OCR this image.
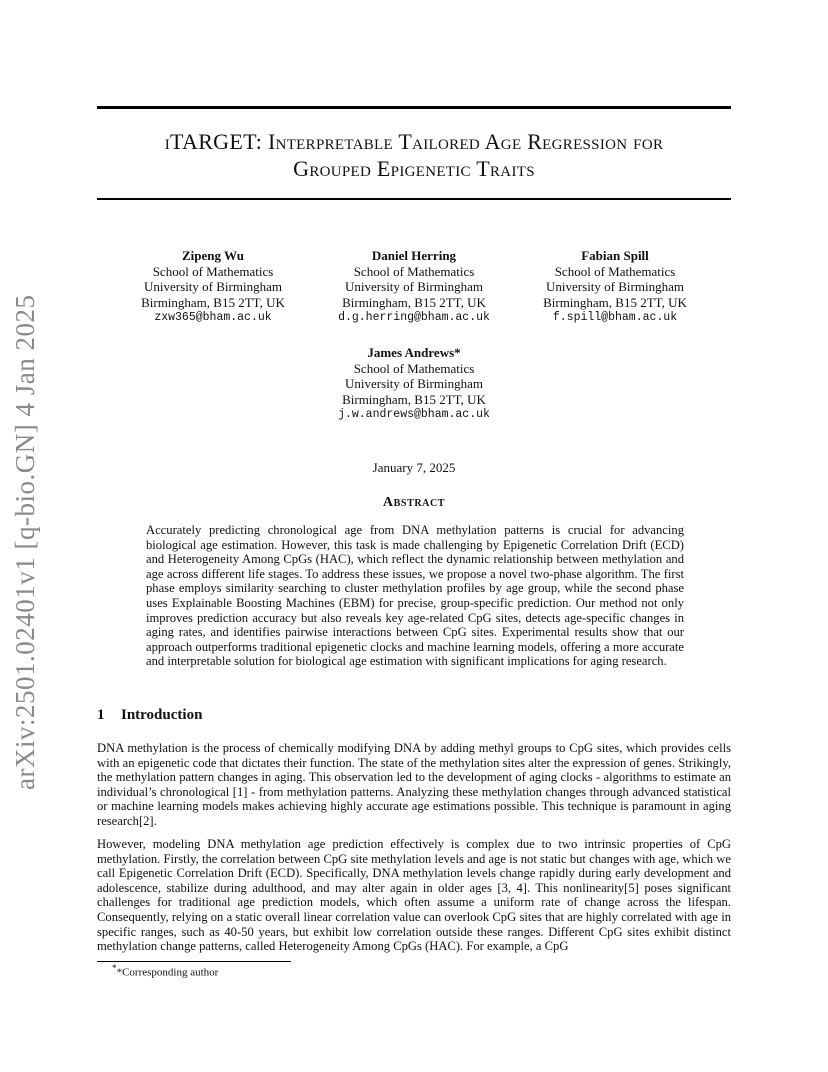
arXiv:2501.02401v1 [q-bio.GN] 4 Jan 2025
iTARGET: Interpretable Tailored Age Regression for
Grouped Epigenetic Traits
Zipeng Wu
School of Mathematics
University of Birmingham
Birmingham, B15 2TT, UK
zxw365@bham.ac.uk
Daniel Herring
School of Mathematics
University of Birmingham
Birmingham, B15 2TT, UK
d.g.herring@bham.ac.uk
Fabian Spill
School of Mathematics
University of Birmingham
Birmingham, B15 2TT, UK
f.spill@bham.ac.uk
James Andrews*
School of Mathematics
University of Birmingham
Birmingham, B15 2TT, UK
j.w.andrews@bham.ac.uk
January 7, 2025
Abstract
Accurately predicting chronological age from DNA methylation patterns is crucial for advancing biological age estimation. However, this task is made challenging by Epigenetic Correlation Drift (ECD) and Heterogeneity Among CpGs (HAC), which reflect the dynamic relationship between methylation and age across different life stages. To address these issues, we propose a novel two-phase algorithm. The first phase employs similarity searching to cluster methylation profiles by age group, while the second phase uses Explainable Boosting Machines (EBM) for precise, group-specific prediction. Our method not only improves prediction accuracy but also reveals key age-related CpG sites, detects age-specific changes in aging rates, and identifies pairwise interactions between CpG sites. Experimental results show that our approach outperforms traditional epigenetic clocks and machine learning models, offering a more accurate and interpretable solution for biological age estimation with significant implications for aging research.
1 Introduction
DNA methylation is the process of chemically modifying DNA by adding methyl groups to CpG sites, which provides cells with an epigenetic code that dictates their function. The state of the methylation sites alter the expression of genes. Strikingly, the methylation pattern changes in aging. This observation led to the development of aging clocks - algorithms to estimate an individual’s chronological [1] - from methylation patterns. Analyzing these methylation changes through advanced statistical or machine learning models makes achieving highly accurate age estimations possible. This technique is paramount in aging research[2].
However, modeling DNA methylation age prediction effectively is complex due to two intrinsic properties of CpG methylation. Firstly, the correlation between CpG site methylation levels and age is not static but changes with age, which we call Epigenetic Correlation Drift (ECD). Specifically, DNA methylation levels change rapidly during early development and adolescence, stabilize during adulthood, and may alter again in older ages [3, 4]. This nonlinearity[5] poses significant challenges for traditional age prediction models, which often assume a uniform rate of change across the lifespan. Consequently, relying on a static overall linear correlation value can overlook CpG sites that are highly correlated with age in specific ranges, such as 40-50 years, but exhibit low correlation outside these ranges. Different CpG sites exhibit distinct methylation change patterns, called Heterogeneity Among CpGs (HAC). For example, a CpG
**Corresponding author
